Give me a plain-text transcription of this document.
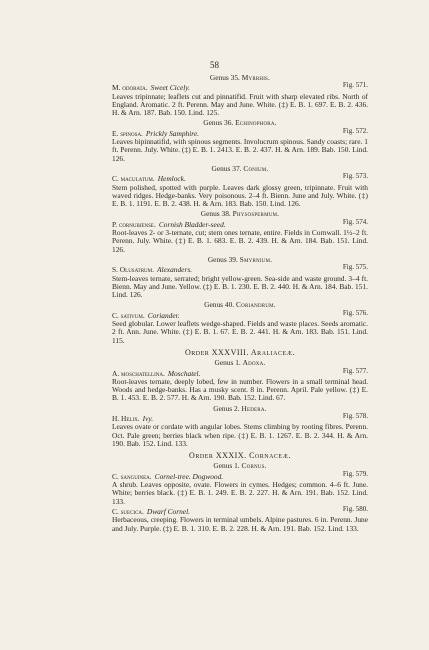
58
Genus 35. Myrrhis.
M. odorata. Sweet Cicely.	Fig. 571.
Leaves tripinnate; leaflets cut and pinnatifid. Fruit with sharp elevated ribs. North of England. Aromatic. 2 ft. Perenn. May and June. White. (‡) E. B. 1. 697. E. B. 2. 436. H. & Arn. 187. Bab. 150. Lind. 125.
Genus 36. Echinophora.
E. spinosa. Prickly Samphire.	Fig. 572.
Leaves bipinnatifid, with spinous segments. Involucrum spinous. Sandy coasts; rare. 1 ft. Perenn. July. White. (‡) E. B. 1. 2413. E. B. 2. 437. H. & Arn. 189. Bab. 150. Lind. 126.
Genus 37. Conium.
C. maculatum. Hemlock.	Fig. 573.
Stem polished, spotted with purple. Leaves dark glossy green, tripinnate. Fruit with waved ridges. Hedge-banks. Very poisonous. 2–4 ft. Bienn. June and July. White. (‡) E. B. 1. 1191. E. B. 2. 438. H. & Arn. 183. Bab. 150. Lind. 126.
Genus 38. Physospermum.
P. cornubiense. Cornish Bladder-seed.	Fig. 574.
Root-leaves 2- or 3-ternate, cut; stem ones ternate, entire. Fields in Cornwall. 1½–2 ft. Perenn. July. White. (‡) E. B. 1. 683. E. B. 2. 439. H. & Arn. 184. Bab. 151. Lind. 126.
Genus 39. Smyrnium.
S. Olusatrum. Alexanders.	Fig. 575.
Stem-leaves ternate, serrated; bright yellow-green. Sea-side and waste ground. 3–4 ft. Bienn. May and June. Yellow. (‡) E. B. 1. 230. E. B. 2. 440. H. & Arn. 184. Bab. 151. Lind. 126.
Genus 40. Coriandrum.
C. sativum. Coriander.	Fig. 576.
Seed globular. Lower leaflets wedge-shaped. Fields and waste places. Seeds aromatic. 2 ft. Ann. June. White. (‡) E. B. 1. 67. E. B. 2. 441. H. & Arn. 183. Bab. 151. Lind. 115.
Order XXXVIII. Araliaceæ.
Genus 1. Adoxa.
A. moschatellina. Moschatel.	Fig. 577.
Root-leaves ternate, deeply lobed, few in number. Flowers in a small terminal head. Woods and hedge-banks. Has a musky scent. 8 in. Perenn. April. Pale yellow. (‡) E. B. 1. 453. E. B. 2. 577. H. & Arn. 190. Bab. 152. Lind. 67.
Genus 2. Hedera.
H. Helix. Ivy.	Fig. 578.
Leaves ovate or cordate with angular lobes. Stems climbing by rooting fibres. Perenn. Oct. Pale green; berries black when ripe. (‡) E. B. 1. 1267. E. B. 2. 344. H. & Arn. 190. Bab. 152. Lind. 133.
Order XXXIX. Cornaceæ.
Genus 1. Cornus.
C. sanguinea. Cornel-tree. Dogwood.	Fig. 579.
A shrub. Leaves opposite, ovate. Flowers in cymes. Hedges; common. 4–6 ft. June. White; berries black. (‡) E. B. 1. 249. E. B. 2. 227. H. & Arn. 191. Bab. 152. Lind. 133.
C. suecica. Dwarf Cornel.	Fig. 580.
Herbaceous, creeping. Flowers in terminal umbels. Alpine pastures. 6 in. Perenn. June and July. Purple. (‡) E. B. 1. 310. E. B. 2. 228. H. & Arn. 191. Bab. 152. Lind. 133.
